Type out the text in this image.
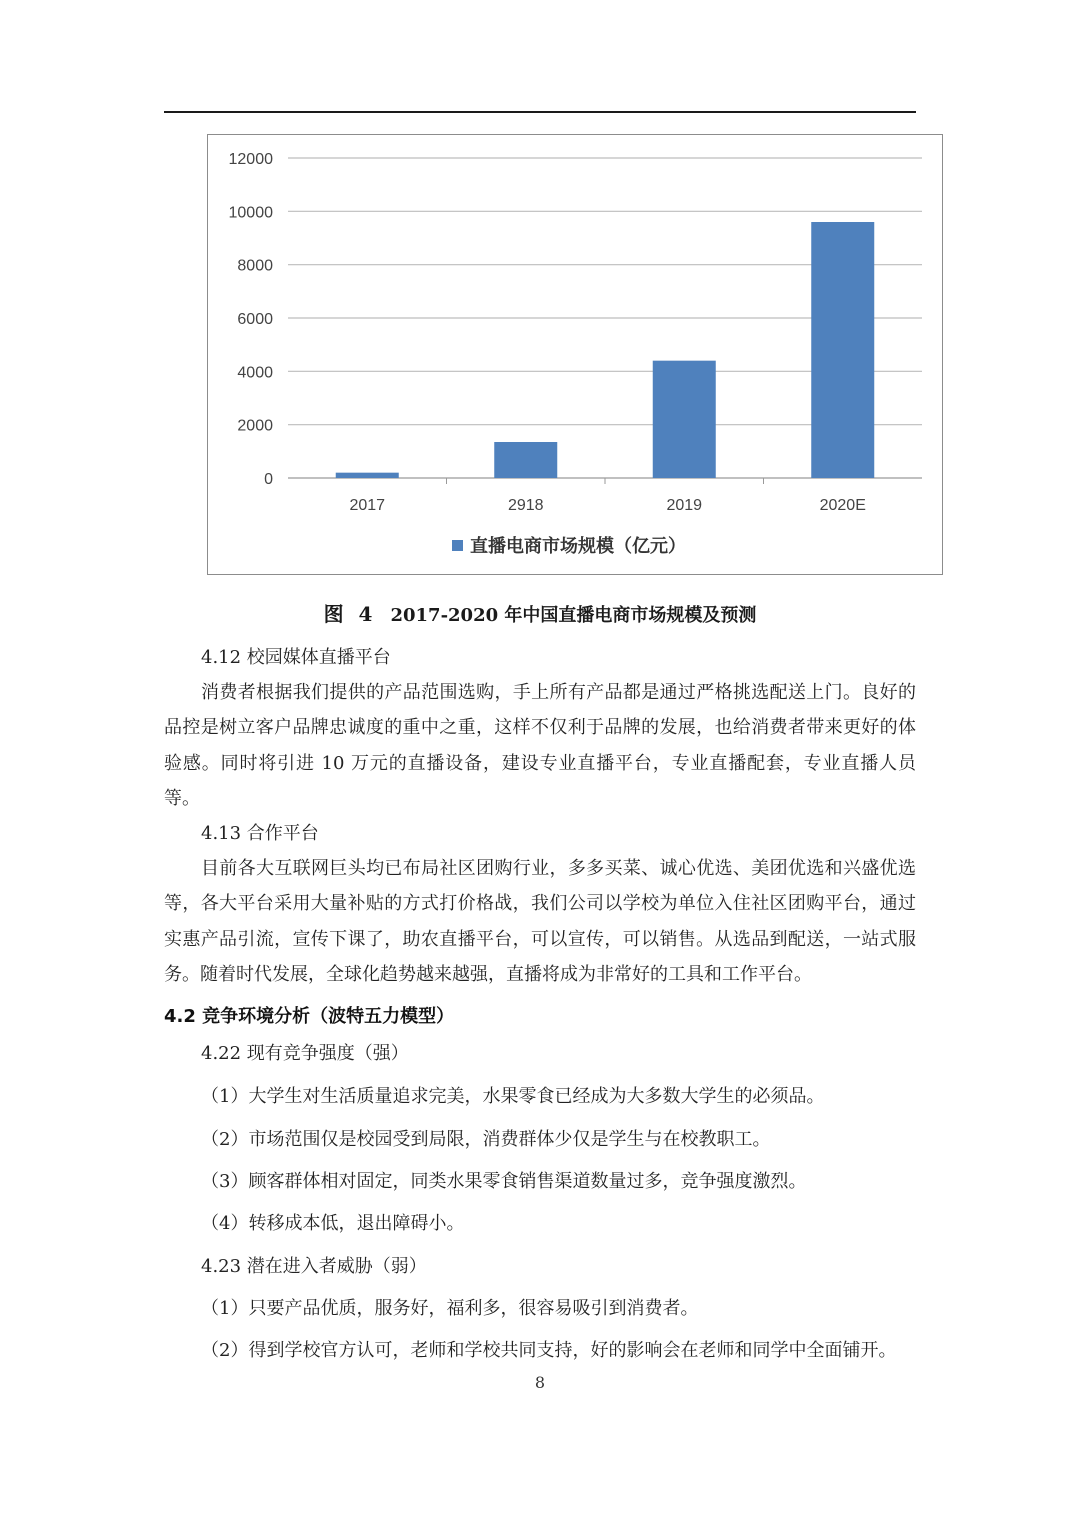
0
2000
4000
6000
8000
10000
12000
2017	2918	2019	2020E
直播电商市场规模（亿元）
图 4 2017-2020 年中国直播电商市场规模及预测
4.12 校园媒体直播平台
消费者根据我们提供的产品范围选购，手上所有产品都是通过严格挑选配送上门。良好的品控是树立客户品牌忠诚度的重中之重，这样不仅利于品牌的发展，也给消费者带来更好的体验感。同时将引进 10 万元的直播设备，建设专业直播平台，专业直播配套，专业直播人员等。
4.13 合作平台
目前各大互联网巨头均已布局社区团购行业，多多买菜、诚心优选、美团优选和兴盛优选等，各大平台采用大量补贴的方式打价格战，我们公司以学校为单位入住社区团购平台，通过实惠产品引流，宣传下课了，助农直播平台，可以宣传，可以销售。从选品到配送，一站式服务。随着时代发展，全球化趋势越来越强，直播将成为非常好的工具和工作平台。
4.2 竞争环境分析（波特五力模型）
4.22 现有竞争强度（强）
（1）大学生对生活质量追求完美，水果零食已经成为大多数大学生的必须品。
（2）市场范围仅是校园受到局限，消费群体少仅是学生与在校教职工。
（3）顾客群体相对固定，同类水果零食销售渠道数量过多，竞争强度激烈。
（4）转移成本低，退出障碍小。
4.23 潜在进入者威胁（弱）
（1）只要产品优质，服务好，福利多，很容易吸引到消费者。
（2）得到学校官方认可，老师和学校共同支持，好的影响会在老师和同学中全面铺开。
8
